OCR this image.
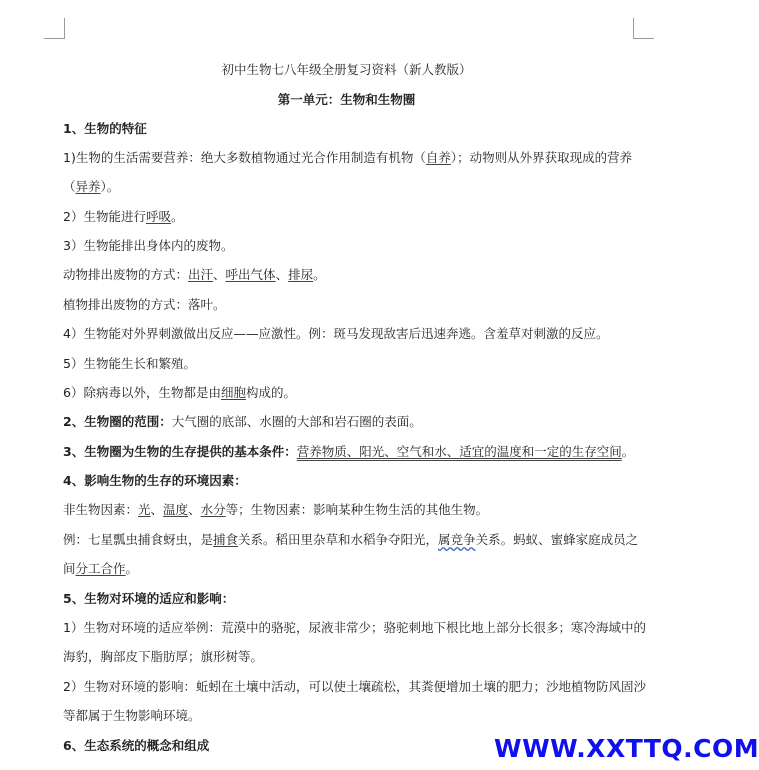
初中生物七八年级全册复习资料（新人教版）
第一单元：生物和生物圈
1、生物的特征
1)生物的生活需要营养：绝大多数植物通过光合作用制造有机物（自养）；动物则从外界获取现成的营养
（异养）。
2）生物能进行呼吸。
3）生物能排出身体内的废物。
动物排出废物的方式：出汗、呼出气体、排尿。
植物排出废物的方式：落叶。
4）生物能对外界刺激做出反应——应激性。例：斑马发现敌害后迅速奔逃。含羞草对刺激的反应。
5）生物能生长和繁殖。
6）除病毒以外，生物都是由细胞构成的。
2、生物圈的范围：大气圈的底部、水圈的大部和岩石圈的表面。
3、生物圈为生物的生存提供的基本条件：营养物质、阳光、空气和水、适宜的温度和一定的生存空间。
4、影响生物的生存的环境因素：
非生物因素：光、温度、水分等；生物因素：影响某种生物生活的其他生物。
例：七星瓢虫捕食蚜虫，是捕食关系。稻田里杂草和水稻争夺阳光，属竞争关系。蚂蚁、蜜蜂家庭成员之
间分工合作。
5、生物对环境的适应和影响：
1）生物对环境的适应举例：荒漠中的骆驼，尿液非常少；骆驼刺地下根比地上部分长很多；寒冷海域中的
海豹，胸部皮下脂肪厚；旗形树等。
2）生物对环境的影响：蚯蚓在土壤中活动，可以使土壤疏松，其粪便增加土壤的肥力；沙地植物防风固沙
等都属于生物影响环境。
6、生态系统的概念和组成	WWW.XXTTQ.COM
